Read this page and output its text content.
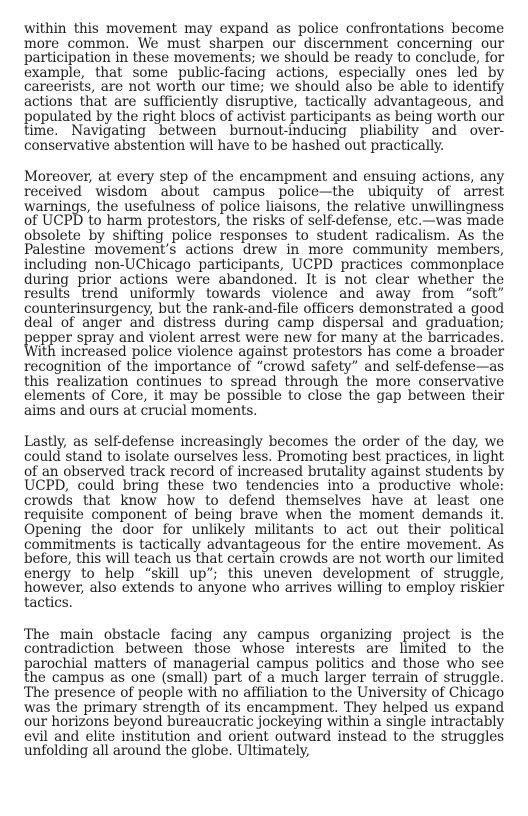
within this movement may expand as police confrontations become more common. We must sharpen our discernment concerning our participation in these movements; we should be ready to conclude, for example, that some public-facing actions, especially ones led by careerists, are not worth our time; we should also be able to identify actions that are sufficiently disruptive, tactically advantageous, and populated by the right blocs of activist participants as being worth our time. Navigating between burnout-inducing pliability and over-conservative abstention will have to be hashed out practically.

Moreover, at every step of the encampment and ensuing actions, any received wisdom about campus police—the ubiquity of arrest warnings, the usefulness of police liaisons, the relative unwillingness of UCPD to harm protestors, the risks of self-defense, etc.—was made obsolete by shifting police responses to student radicalism. As the Palestine movement’s actions drew in more community members, including non-UChicago participants, UCPD practices commonplace during prior actions were abandoned. It is not clear whether the results trend uniformly towards violence and away from “soft” counterinsurgency, but the rank-and-file officers demonstrated a good deal of anger and distress during camp dispersal and graduation; pepper spray and violent arrest were new for many at the barricades. With increased police violence against protestors has come a broader recognition of the importance of “crowd safety” and self-defense—as this realization continues to spread through the more conservative elements of Core, it may be possible to close the gap between their aims and ours at crucial moments.

Lastly, as self-defense increasingly becomes the order of the day, we could stand to isolate ourselves less. Promoting best practices, in light of an observed track record of increased brutality against students by UCPD, could bring these two tendencies into a productive whole: crowds that know how to defend themselves have at least one requisite component of being brave when the moment demands it. Opening the door for unlikely militants to act out their political commitments is tactically advantageous for the entire movement. As before, this will teach us that certain crowds are not worth our limited energy to help “skill up”; this uneven development of struggle, however, also extends to anyone who arrives willing to employ riskier tactics.

The main obstacle facing any campus organizing project is the contradiction between those whose interests are limited to the parochial matters of managerial campus politics and those who see the campus as one (small) part of a much larger terrain of struggle. The presence of people with no affiliation to the University of Chicago was the primary strength of its encampment. They helped us expand our horizons beyond bureaucratic jockeying within a single intractably evil and elite institution and orient outward instead to the struggles unfolding all around the globe. Ultimately,
